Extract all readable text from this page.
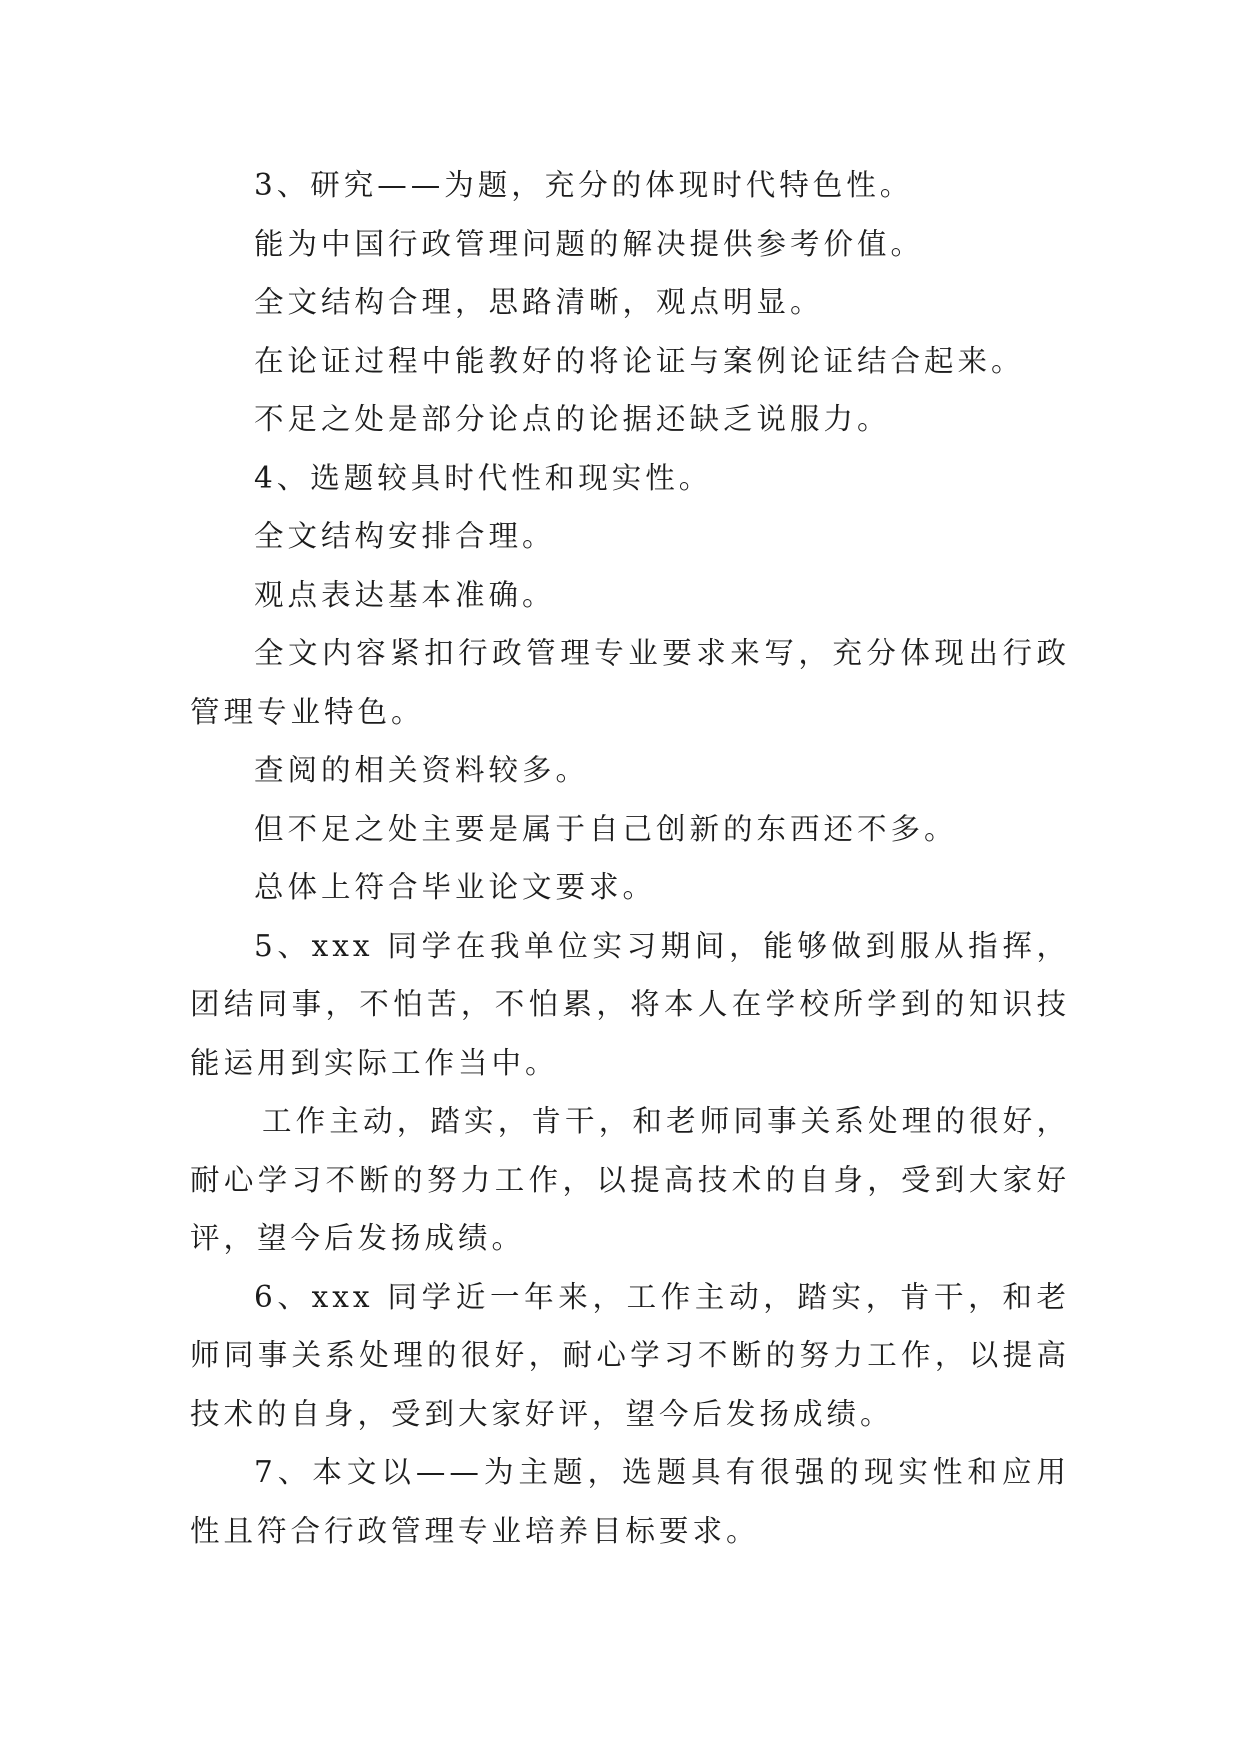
3、研究——为题，充分的体现时代特色性。

能为中国行政管理问题的解决提供参考价值。

全文结构合理，思路清晰，观点明显。

在论证过程中能教好的将论证与案例论证结合起来。

不足之处是部分论点的论据还缺乏说服力。

4、选题较具时代性和现实性。

全文结构安排合理。

观点表达基本准确。

全文内容紧扣行政管理专业要求来写，充分体现出行政管理专业特色。

查阅的相关资料较多。

但不足之处主要是属于自己创新的东西还不多。

总体上符合毕业论文要求。

5、xxx 同学在我单位实习期间，能够做到服从指挥，团结同事，不怕苦，不怕累，将本人在学校所学到的知识技能运用到实际工作当中。

工作主动，踏实，肯干，和老师同事关系处理的很好，耐心学习不断的努力工作，以提高技术的自身，受到大家好评，望今后发扬成绩。

6、xxx 同学近一年来，工作主动，踏实，肯干，和老师同事关系处理的很好，耐心学习不断的努力工作，以提高技术的自身，受到大家好评，望今后发扬成绩。

7、本文以——为主题，选题具有很强的现实性和应用性且符合行政管理专业培养目标要求。
